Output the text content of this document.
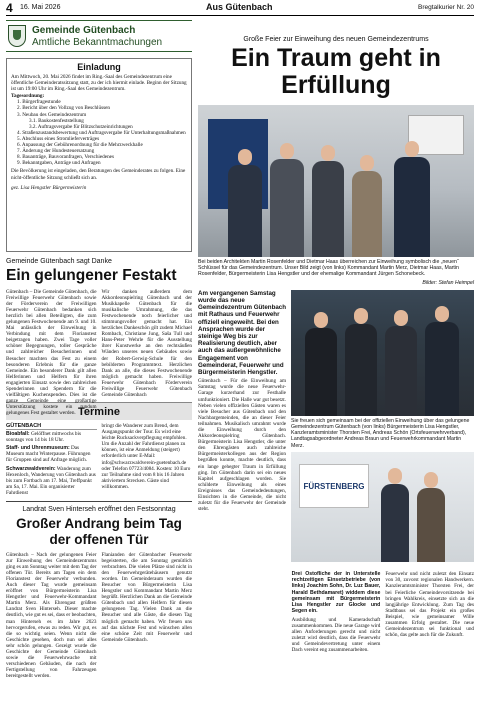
4 16. Mai 2026	Aus Gütenbach	Bregtalkurier Nr. 20
Gemeinde Gütenbach
Amtliche Bekanntmachungen
Einladung
Am Mittwoch, 20. Mai 2026 findet im Ring.-Saal des Gemeindezentrum eine öffentliche Gemeinderatssitzung statt, zu der ich hiermit einlade. Beginn der Sitzung ist um 19:00 Uhr im Ring.-Saal des Gemeindezentrum.
Tagesordnung:
1. Bürgerfragestunde
2. Bericht über den Vollzug von Beschlüssen
3. Neubau des Gemeindezentrum
3.1. Baukostenfeststellung
3.2. Auftragsvergabe für Blitzschutzeinrichtungen
4. Straßenzustandsbewertung und Auftragsvergabe für Unterhaltungsmaßnahmen
5. Abschluss eines Stromlieferverträges
6. Anpassung der Gebührenordnung für die Mehrzweckhalle
7. Änderung der Hundesteuersatzung
8. Bauanträge, Bauvoranfragen, Verschiedenes
9. Bekanntgaben, Anträge und Anfragen
Die Bevölkerung ist eingeladen, den Beratungen des Gemeinderates zu folgen. Eine nicht-öffentliche Sitzung schließt sich an.
gez. Lisa Hengstler Bürgermeisterin
Gemeinde Gütenbach sagt Danke
Ein gelungener Festakt
Gütenbach – Die Gemeinde Gütenbach, die Freiwillige Feuerwehr Gütenbach sowie der Förderverein der Freiwilligen Feuerwehr Gütenbach bedanken sich herzlich bei allen Beteiligten, die zum gelungenen Festwochenende am 9. und 10. Mai anlässlich der Einweihung in Verbindung mit dem Florianstest beigetragen haben. Zwei Tage voller schöner Begegnungen, toller Gespräche und zahlreicher Besucherinnen und Besucher machten das Fest zu einem besonderen Erlebnis für die ganze Gemeinde. Ein besonderer Dank gilt allen Helferinnen und Helfern für ihren engagierten Einsatz sowie den zahlreichen Spenderinnen und Spendern für die vielfältigen Kuchenspenden. Dies ist die ganze Gemeinde eine großartige Unterstützung kostete ein rundum gelungenes Fest gestaltet werden.
Wir danken außerdem dem Akkordeonspielring Gütenbach und der Musikkapelle Gütenbach für die musikalische Umrahmung, die das Festwochenende noch feierlicher und stimmungsvoller gemacht hat. Ein herzliches Dankeschön gilt zudem Michael Rombach, Christiane Jung, Saša Tull und Hans-Peter Wehrle für die Ausstellung ihrer Kunstwerke an den rechtsäußen Wänden unseres neuen Gebäudes sowie der Robert-Gerwig-Schule für den bebilderten Programmtext. Herzlichen Dank an alle, die dieses Festwochenende möglich gemacht haben. Freiwillige Feuerwehr Gütenbach Förderverein Freiwillige Feuerwehr Gütenbach Gemeinde Gütenbach
Termine
GÜTENBACH
Bioabfall: Gelöffnet mittwochs bis sonntags von 14 bis 18 Uhr.
Staff- und Uhrenmuseum: Das Museum macht Winterpause. Führungen für Gruppen sind auf Anfrage möglich.
Schwarzwaldverein: Wanderung zum Hexenloch, Wanderung von Gütenbach aus bis zum Fortbach am 17. Mai, Treffpunkt am Sa, 17. Mai. Ein organisierter Fahrdienst
bringt die Wanderer zum Brend, dem Ausgangspunkt der Tour. Es wird eine leichte Rucksackverpflegung empfohlen. Um die Anzahl der Fahrdienst planen zu können, ist eine Anmeldung (steigert) erforderlich unter E-Mail: info@schwarzwaldverein-guetenbach.de oder Telefon 07723/4084. Kosten: 10 Euro zur Teilnahme sind vom 8 bis 16 Jahren aktiviertem Strecken. Gäste sind willkommen.
Landrat Sven Hinterseh eröffnet den Festsonntag
Großer Andrang beim Tag der offenen Tür
Gütenbach – Nach der gelungenen Feier zur Einweihung des Gemeindezentrums ging es am Sonntag weiter mit dem Tag der offenen Tür. Bereits am Tagen ein dem Florianstest der Feuerwehr verbunden. Auch dieser Tag wurde gemeinsam eröffnet von Bürgermeisterin Lisa Hengstler und Feuerwehr-Kommandant Martin Merz. Als Ehrengast grüßten Landrat Sven Hinterseh. Dieser machte deutlich, wie gut es sei, dass er beobachten, man Hinterseh es im Jahre 2023 hervorgerufen, etwas zu reden. Wir gut, es die so wichtig seien. Wenn nicht die Geschichte gesehen, doch nun sei alles sehr schön gelungen. Gezeigt wurde die Geschichte der Gemeinde Gütenbach sowie die Feuerwehrwache mit verschiedenen Gebäuden, die nach der Fertigstellung von Fahrzeugen bereitgestellt werden.
Flanianden der Gütenbacher Feuerwehr begeisterten, die am Sonntag gemütlich verbrachten. Die vielen Plätze sind nicht in den Feuerwehrgerätehäusern genutzt worden. Im Gemeinderaum wurden die Besucher von Bürgermeisterin Lisa Hengstler und Kommandant Martin Merz begrüßt. Herzlichen Dank an die Gemeinde Gütenbach und allen Helfern für diesen gelungenen Tag. Vielen Dank an die Besucher und alle Gäste, die diesen Tag möglich gemacht haben. Wir freuen uns auf das nächste Fest und wünschen allen eine schöne Zeit mit Feuerwehr und Gemeinde Gütenbach.
Große Feier zur Einweihung des neuen Gemeindezentrums
Ein Traum geht in Erfüllung
Bei beiden Architekten Martin Rosenfelder und Dietmar Haas überreichen zur Einweihung symbolisch die „neuen“ Schlüssel für das Gemeindezentrum. Unser Bild zeigt (von links) Kommandant Martin Merz, Dietmar Haas, Martin Rosenfelder, Bürgermeisterin Lisa Hengstler und der ehemalige Kommandant Jürgen Schonebeck.
Bilder: Stefan Heimpel
Am vergangenen Samstag wurde das neue Gemeindezentrum Gütenbach mit Rathaus und Feuerwehr offiziell eingeweiht. Bei den Ansprachen wurde der steinige Weg bis zur Realisierung deutlich, aber auch das außergewöhnliche Engagement von Gemeinderat, Feuerwehr und Bürgermeisterin Hengstler.
Gütenbach – Für die Einweihung am Samstag wurde die neue Feuerwehr-Garage kurzerhand zur Festhalle umfunktioniert. Die Halle war gut besetzt. Neben vielen offiziellen Gästen waren es viele Besucher aus Gütenbach und den Nachbargemeinden, die an dieser Feier teilnahmen. Musikalisch umrahmt wurde die Einweihung durch den Akkordeonspielring Gütenbach. Bürgermeisterin Lisa Hengstler, die unter den Ehrengästen auch zahlreiche Bürgermeisterkollegen aus der Region begrüßen konnte, machte deutlich, dass ein lange gehegter Traum in Erfüllung ging. Im Gütenbach darin sei ein neues Kapitel aufgeschlagen worden. Sie schilderte Einweihung als eines Ereignisses das Gemeindedeutungen, Einsichten in die Gemeinde, die nicht zuletzt für die Feuerwehr der Gemeinde steht.
Sie freuen sich gemeinsam bei der offiziellen Einweihung über das gelungene Gemeindezentrum Gütenbach (von links) Bürgermeisterin Lisa Hengstler, Kanzleramtsminister Thorsten Frei, Andreas Schön (Ortsfeuerwehrverband), Landtagsabgeordneter Andreas Braun und Feuerwehrkommandant Martin Merz.
FÜRSTENBERG
Drei Ostofliche der in Unterstelle rechtzeitigen Einsetzbetriebe (von links) Joachim Sohn, Dr. Luz Bauer, Harald Bethdamaret) widdem diese gemeinsam mit Bürgermeisterin Lisa Hengstler zur Glocke und Segen ein.
Ausbildung und Kameradschaft zusammenkommen. Die neue Garage wird allen Anforderungen gerecht und nicht zuletzt wird deutlich, dass die Feuerwehr und Gemeindevertretung unter einem Dach vereint eng zusammenarbeiten.
Feuerwehr und nicht zuletzt den Einsatz von 30, zuvorst regionalen Handwerkern. Kanzleramtsminister Thorsten Frei, der bei Feierliche Gemeindevorsitzende bei bringen Wahlkreis, einsetzte sich an die langjährige Entwicklung. Zum Tag des Stadtbaus sei das Projekt ein großes Beispiel, wie gemeinsamer Wille zusammen Erfolg gestaltet. Die neue Gemeindezentrum sei funktional und schön, das gelte auch für die Zukunft.
